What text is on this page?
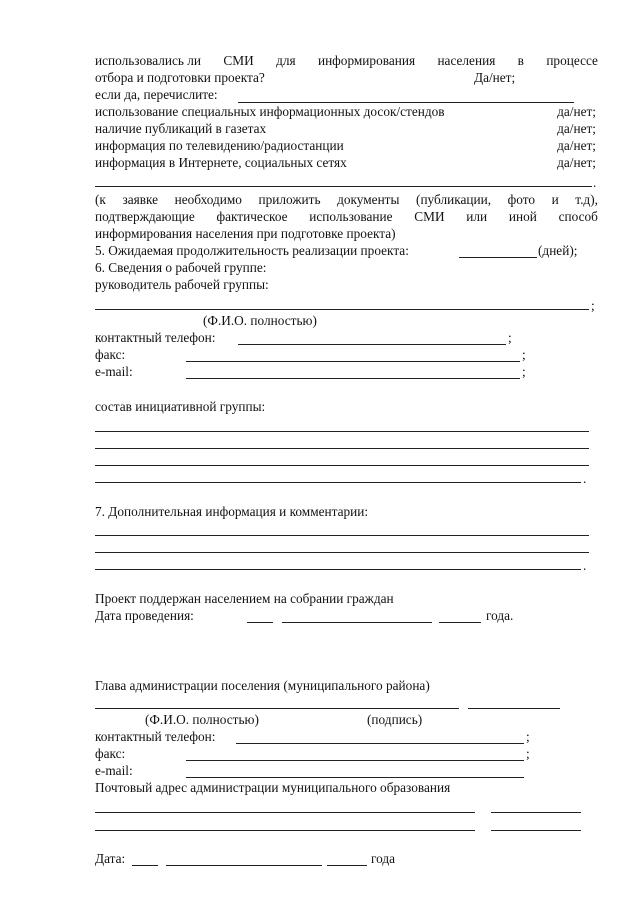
использовались ли СМИ для информирования населения в процессе
отбора и подготовки проекта?	Да/нет;
если да, перечислите:
использование специальных информационных досок/стендов	да/нет;
наличие публикаций в газетах	да/нет;
информация по телевидению/радиостанции	да/нет;
информация в Интернете, социальных сетях	да/нет;
.
(к заявке необходимо приложить документы (публикации, фото и т.д),
подтверждающие фактическое использование СМИ или иной способ
информирования населения при подготовке проекта)
5. Ожидаемая продолжительность реализации проекта:	(дней);
6. Сведения о рабочей группе:
руководитель рабочей группы:
;
(Ф.И.О. полностью)
контактный телефон:	;
факс:	;
e-mail:	;
состав инициативной группы:
.
7. Дополнительная информация и комментарии:
.
Проект поддержан населением на собрании граждан
Дата проведения:	года.
Глава администрации поселения (муниципального района)
(Ф.И.О. полностью)	(подпись)
контактный телефон:	;
факс:	;
e-mail:
Почтовый адрес администрации муниципального образования
Дата:	года
